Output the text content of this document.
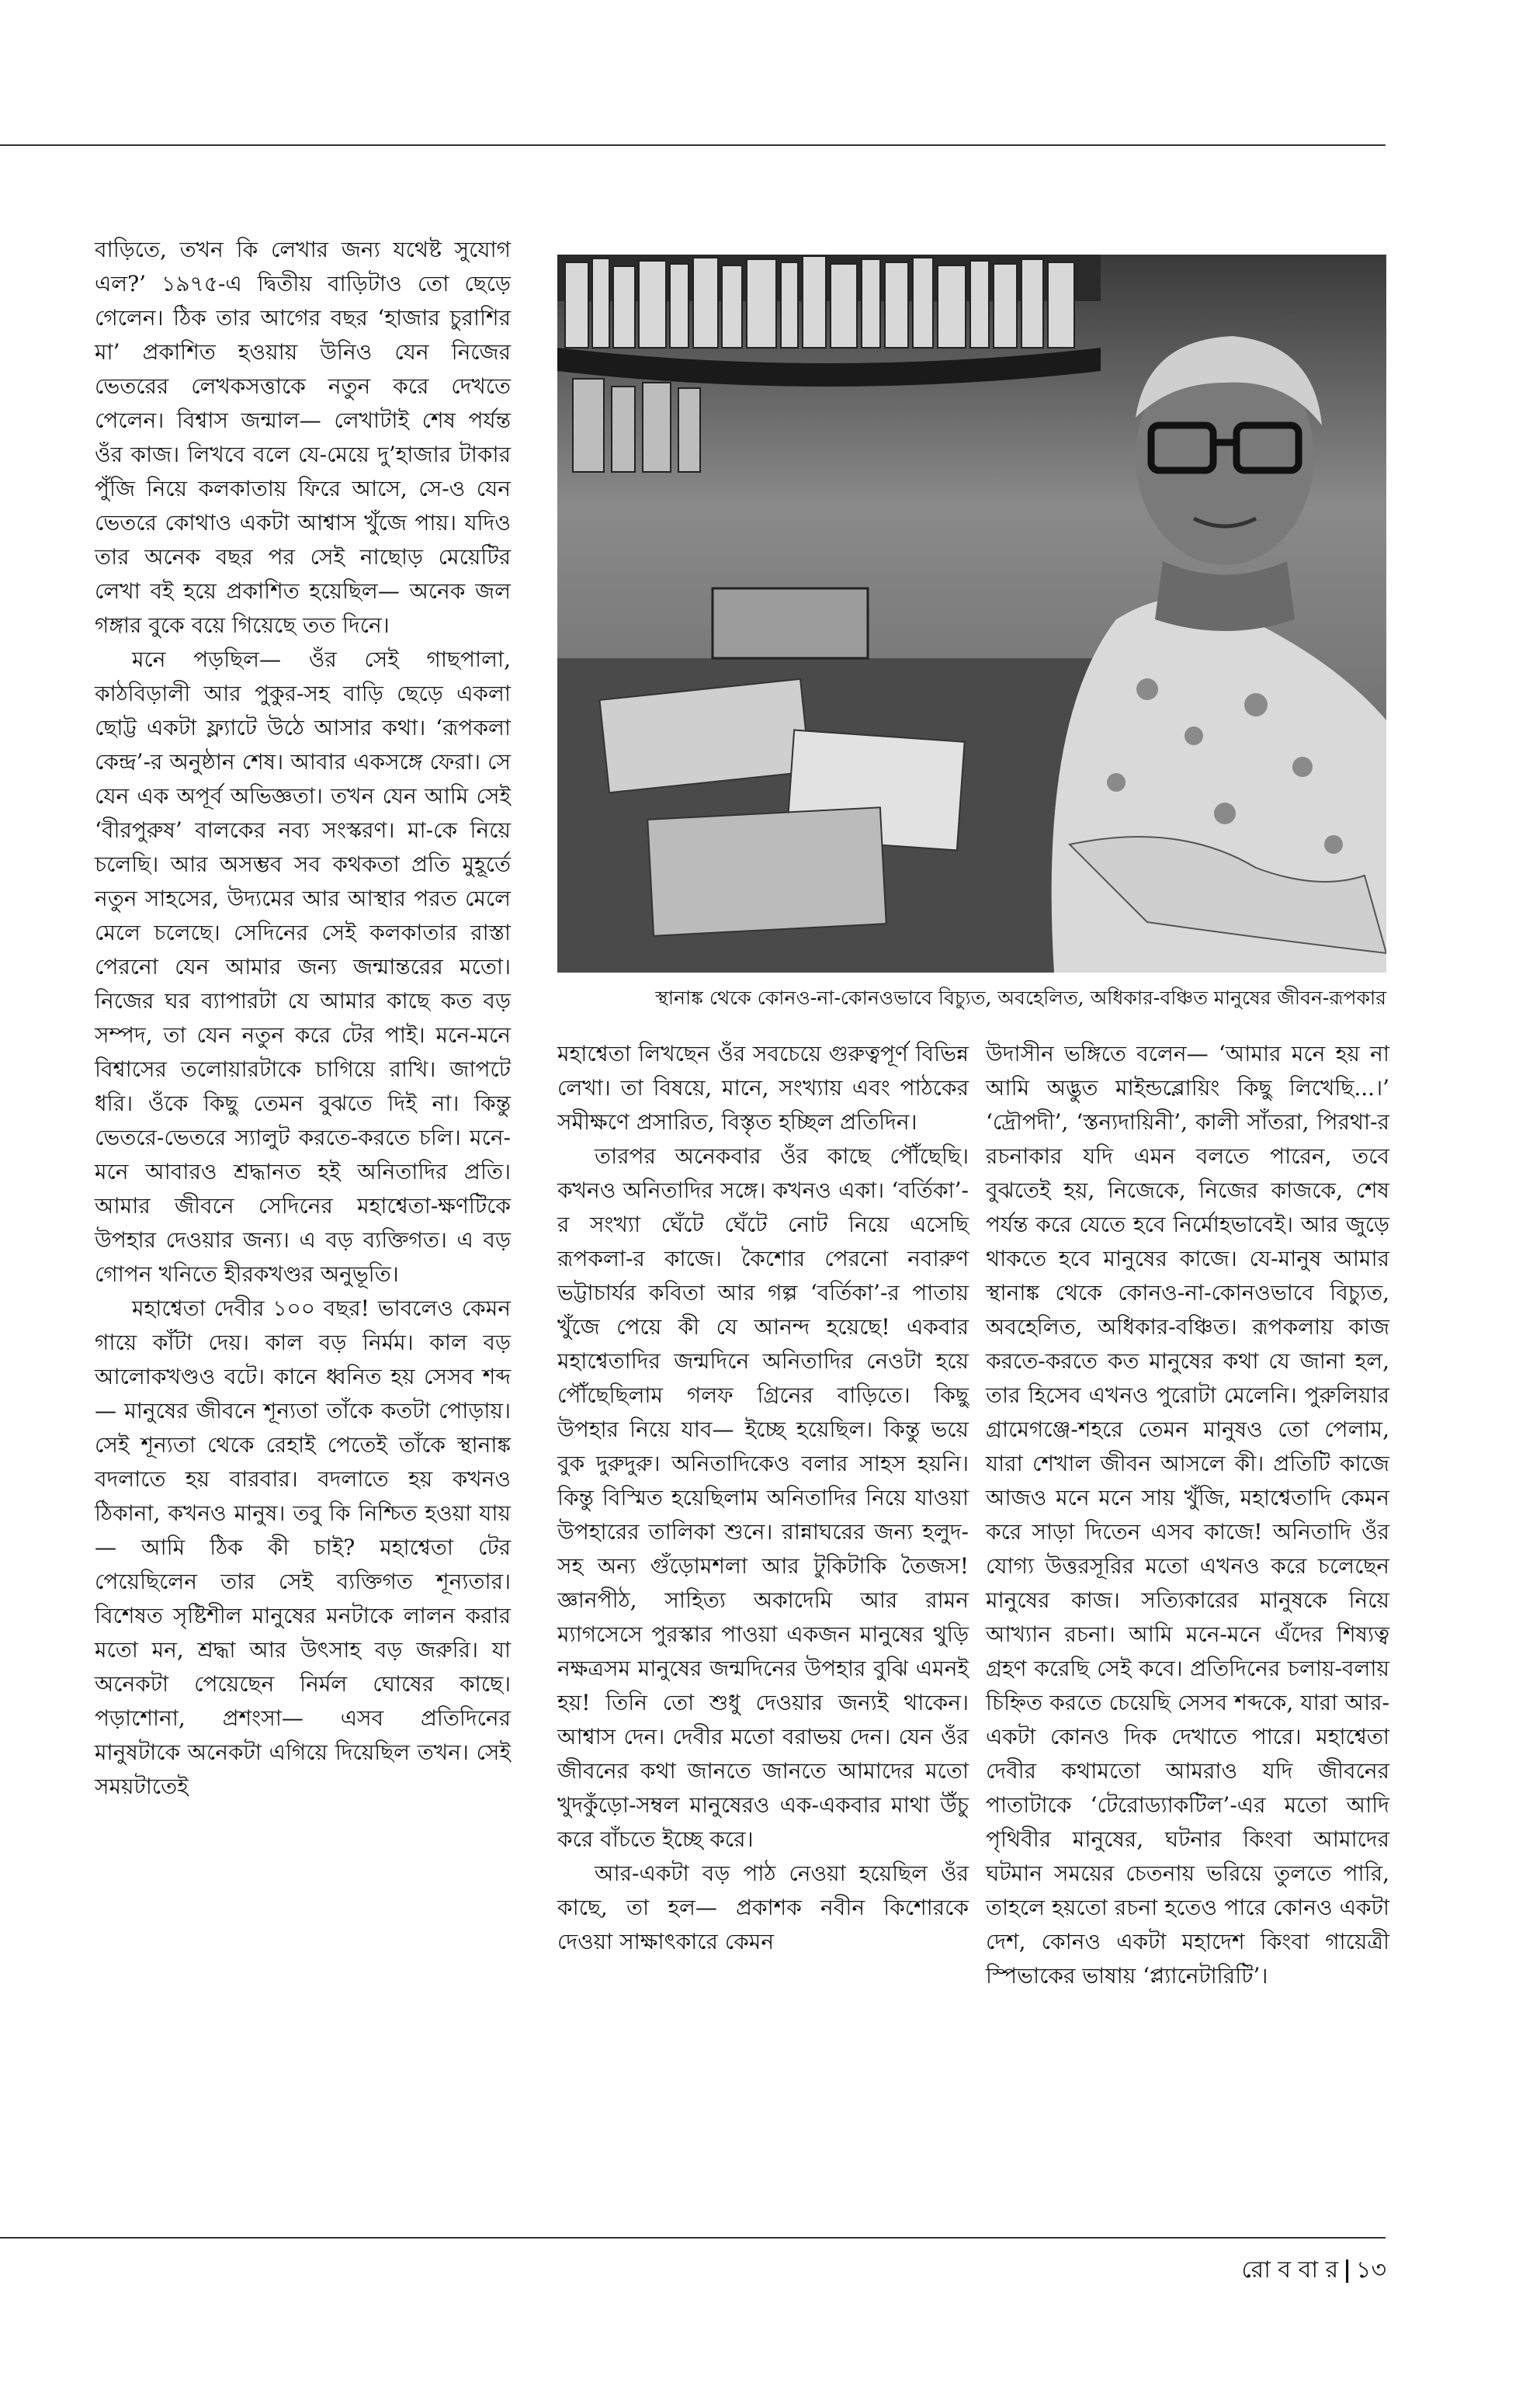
বাড়িতে, তখন কি লেখার জন্য যথেষ্ট সুযোগ এল?’ ১৯৭৫-এ দ্বিতীয় বাড়িটাও তো ছেড়ে গেলেন। ঠিক তার আগের বছর ‘হাজার চুরাশির মা’ প্রকাশিত হওয়ায় উনিও যেন নিজের ভেতরের লেখকসত্তাকে নতুন করে দেখতে পেলেন। বিশ্বাস জন্মাল— লেখাটাই শেষ পর্যন্ত ওঁর কাজ। লিখবে বলে যে-মেয়ে দু’হাজার টাকার পুঁজি নিয়ে কলকাতায় ফিরে আসে, সে-ও যেন ভেতরে কোথাও একটা আশ্বাস খুঁজে পায়। যদিও তার অনেক বছর পর সেই নাছোড় মেয়েটির লেখা বই হয়ে প্রকাশিত হয়েছিল— অনেক জল গঙ্গার বুকে বয়ে গিয়েছে তত দিনে।

মনে পড়ছিল— ওঁর সেই গাছপালা, কাঠবিড়ালী আর পুকুর-সহ বাড়ি ছেড়ে একলা ছোট্ট একটা ফ্ল্যাটে উঠে আসার কথা। ‘রূপকলা কেন্দ্র’-র অনুষ্ঠান শেষ। আবার একসঙ্গে ফেরা। সে যেন এক অপূর্ব অভিজ্ঞতা। তখন যেন আমি সেই ‘বীরপুরুষ’ বালকের নব্য সংস্করণ। মা-কে নিয়ে চলেছি। আর অসম্ভব সব কথকতা প্রতি মুহূর্তে নতুন সাহসের, উদ্যমের আর আস্থার পরত মেলে মেলে চলেছে। সেদিনের সেই কলকাতার রাস্তা পেরনো যেন আমার জন্য জন্মান্তরের মতো। নিজের ঘর ব্যাপারটা যে আমার কাছে কত বড় সম্পদ, তা যেন নতুন করে টের পাই। মনে-মনে বিশ্বাসের তলোয়ারটাকে চাগিয়ে রাখি। জাপটে ধরি। ওঁকে কিছু তেমন বুঝতে দিই না। কিন্তু ভেতরে-ভেতরে স্যালুট করতে-করতে চলি। মনে-মনে আবারও শ্রদ্ধানত হই অনিতাদির প্রতি। আমার জীবনে সেদিনের মহাশ্বেতা-ক্ষণটিকে উপহার দেওয়ার জন্য। এ বড় ব্যক্তিগত। এ বড় গোপন খনিতে হীরকখণ্ডর অনুভূতি।

মহাশ্বেতা দেবীর ১০০ বছর! ভাবলেও কেমন গায়ে কাঁটা দেয়। কাল বড় নির্মম। কাল বড় আলোকখণ্ডও বটে। কানে ধ্বনিত হয় সেসব শব্দ— মানুষের জীবনে শূন্যতা তাঁকে কতটা পোড়ায়। সেই শূন্যতা থেকে রেহাই পেতেই তাঁকে স্থানাঙ্ক বদলাতে হয় বারবার। বদলাতে হয় কখনও ঠিকানা, কখনও মানুষ। তবু কি নিশ্চিত হওয়া যায়— আমি ঠিক কী চাই? মহাশ্বেতা টের পেয়েছিলেন তার সেই ব্যক্তিগত শূন্যতার। বিশেষত সৃষ্টিশীল মানুষের মনটাকে লালন করার মতো মন, শ্রদ্ধা আর উৎসাহ বড় জরুরি। যা অনেকটা পেয়েছেন নির্মল ঘোষের কাছে। পড়াশোনা, প্রশংসা— এসব প্রতিদিনের মানুষটাকে অনেকটা এগিয়ে দিয়েছিল তখন। সেই সময়টাতেই

স্থানাঙ্ক থেকে কোনও-না-কোনওভাবে বিচ্যুত, অবহেলিত, অধিকার-বঞ্চিত মানুষের জীবন-রূপকার

মহাশ্বেতা লিখছেন ওঁর সবচেয়ে গুরুত্বপূর্ণ বিভিন্ন লেখা। তা বিষয়ে, মানে, সংখ্যায় এবং পাঠকের সমীক্ষণে প্রসারিত, বিস্তৃত হচ্ছিল প্রতিদিন।

তারপর অনেকবার ওঁর কাছে পৌঁছেছি। কখনও অনিতাদির সঙ্গে। কখনও একা। ‘বর্তিকা’-র সংখ্যা ঘেঁটে ঘেঁটে নোট নিয়ে এসেছি রূপকলা-র কাজে। কৈশোর পেরনো নবারুণ ভট্টাচার্যর কবিতা আর গল্প ‘বর্তিকা’-র পাতায় খুঁজে পেয়ে কী যে আনন্দ হয়েছে! একবার মহাশ্বেতাদির জন্মদিনে অনিতাদির নেওটা হয়ে পৌঁছেছিলাম গলফ গ্রিনের বাড়িতে। কিছু উপহার নিয়ে যাব— ইচ্ছে হয়েছিল। কিন্তু ভয়ে বুক দুরুদুরু। অনিতাদিকেও বলার সাহস হয়নি। কিন্তু বিস্মিত হয়েছিলাম অনিতাদির নিয়ে যাওয়া উপহারের তালিকা শুনে। রান্নাঘরের জন্য হলুদ-সহ অন্য গুঁড়োমশলা আর টুকিটাকি তৈজস! জ্ঞানপীঠ, সাহিত্য অকাদেমি আর রামন ম্যাগসেসে পুরস্কার পাওয়া একজন মানুষের থুড়ি নক্ষত্রসম মানুষের জন্মদিনের উপহার বুঝি এমনই হয়! তিনি তো শুধু দেওয়ার জন্যই থাকেন। আশ্বাস দেন। দেবীর মতো বরাভয় দেন। যেন ওঁর জীবনের কথা জানতে জানতে আমাদের মতো খুদকুঁড়ো-সম্বল মানুষেরও এক-একবার মাথা উঁচু করে বাঁচতে ইচ্ছে করে।

আর-একটা বড় পাঠ নেওয়া হয়েছিল ওঁর কাছে, তা হল— প্রকাশক নবীন কিশোরকে দেওয়া সাক্ষাৎকারে কেমন

উদাসীন ভঙ্গিতে বলেন— ‘আমার মনে হয় না আমি অদ্ভুত মাইন্ডব্লোয়িং কিছু লিখেছি...।’ ‘দ্রৌপদী’, ‘স্তন্যদায়িনী’, কালী সাঁতরা, পিরথা-র রচনাকার যদি এমন বলতে পারেন, তবে বুঝতেই হয়, নিজেকে, নিজের কাজকে, শেষ পর্যন্ত করে যেতে হবে নির্মোহভাবেই। আর জুড়ে থাকতে হবে মানুষের কাজে। যে-মানুষ আমার স্থানাঙ্ক থেকে কোনও-না-কোনওভাবে বিচ্যুত, অবহেলিত, অধিকার-বঞ্চিত। রূপকলায় কাজ করতে-করতে কত মানুষের কথা যে জানা হল, তার হিসেব এখনও পুরোটা মেলেনি। পুরুলিয়ার গ্রামেগঞ্জে-শহরে তেমন মানুষও তো পেলাম, যারা শেখাল জীবন আসলে কী। প্রতিটি কাজে আজও মনে মনে সায় খুঁজি, মহাশ্বেতাদি কেমন করে সাড়া দিতেন এসব কাজে! অনিতাদি ওঁর যোগ্য উত্তরসূরির মতো এখনও করে চলেছেন মানুষের কাজ। সত্যিকারের মানুষকে নিয়ে আখ্যান রচনা। আমি মনে-মনে এঁদের শিষ্যত্ব গ্রহণ করেছি সেই কবে। প্রতিদিনের চলায়-বলায় চিহ্নিত করতে চেয়েছি সেসব শব্দকে, যারা আর-একটা কোনও দিক দেখাতে পারে। মহাশ্বেতা দেবীর কথামতো আমরাও যদি জীবনের পাতাটাকে ‘টেরোড্যাকটিল’-এর মতো আদি পৃথিবীর মানুষের, ঘটনার কিংবা আমাদের ঘটমান সময়ের চেতনায় ভরিয়ে তুলতে পারি, তাহলে হয়তো রচনা হতেও পারে কোনও একটা দেশ, কোনও একটা মহাদেশ কিংবা গায়েত্রী স্পিভাকের ভাষায় ‘প্ল্যানেটারিটি’।

রো ব বা র | ১৩
